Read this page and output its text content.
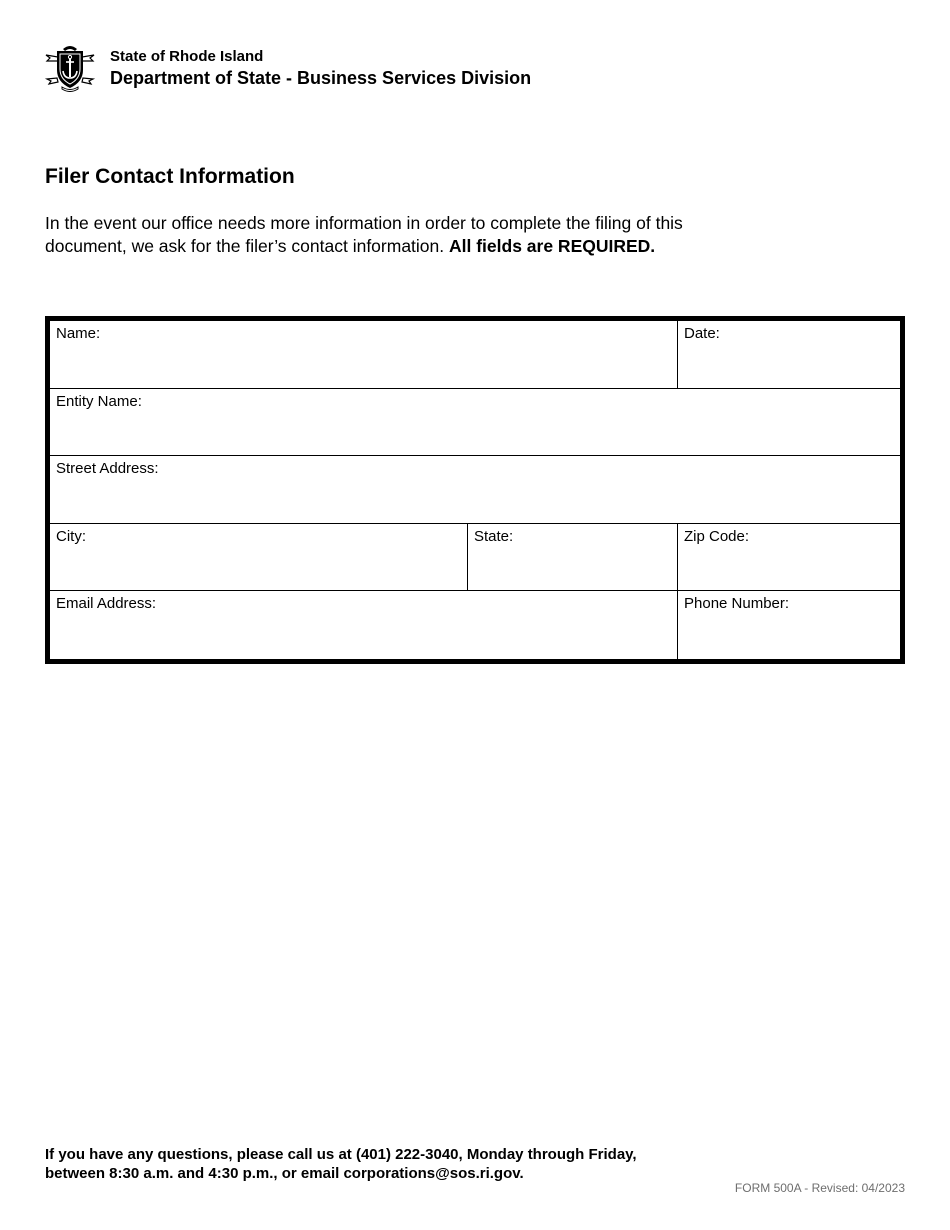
State of Rhode Island
Department of State - Business Services Division
Filer Contact Information

In the event our office needs more information in order to complete the filing of this document, we ask for the filer’s contact information. All fields are REQUIRED.

Name:	Date:
Entity Name:
Street Address:
City:	State:	Zip Code:
Email Address:	Phone Number:

If you have any questions, please call us at (401) 222-3040, Monday through Friday,
between 8:30 a.m. and 4:30 p.m., or email corporations@sos.ri.gov.

FORM 500A - Revised: 04/2023
